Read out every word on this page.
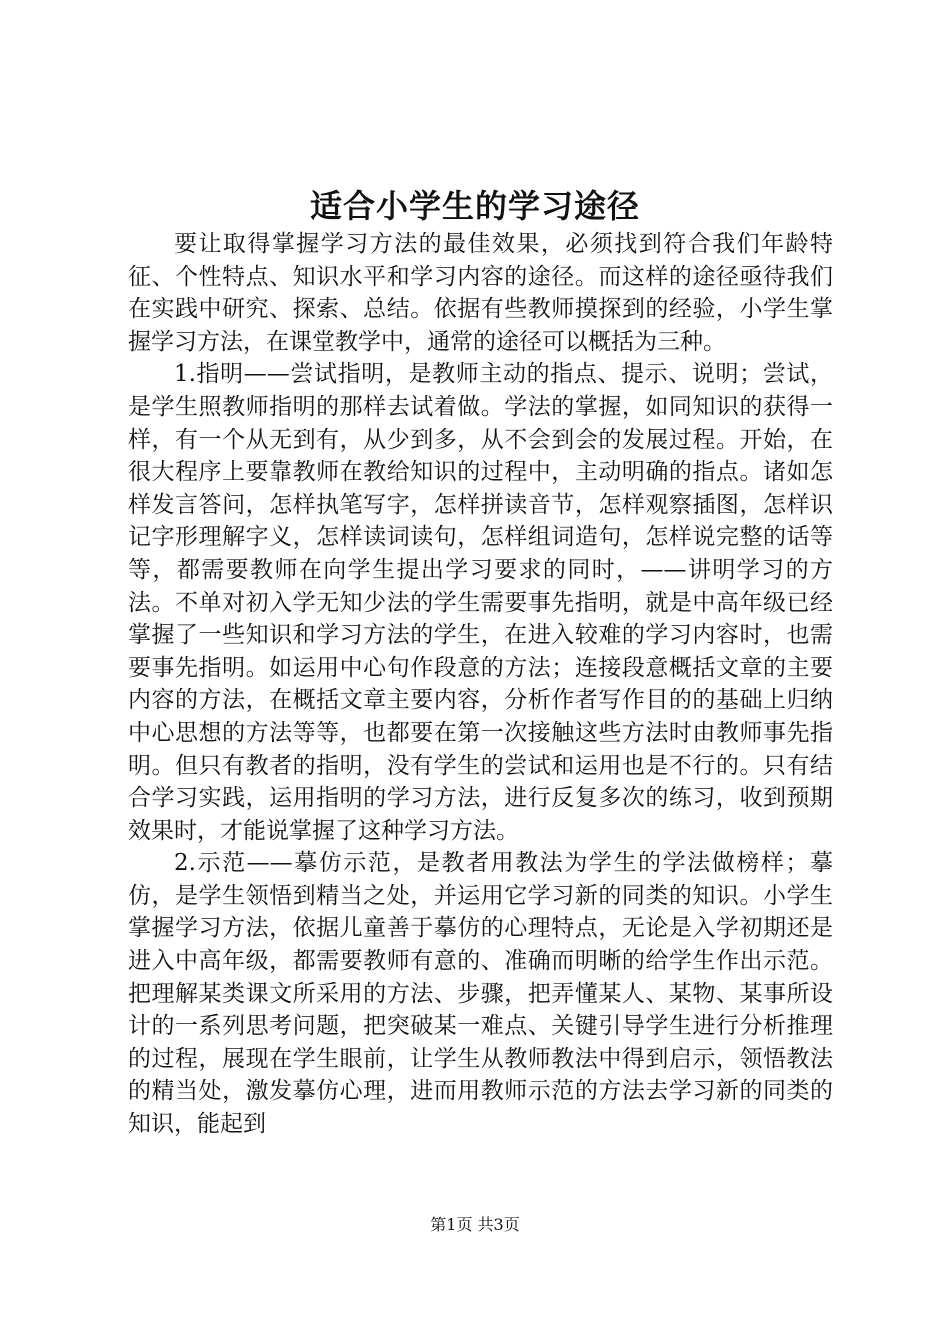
适合小学生的学习途径

要让取得掌握学习方法的最佳效果，必须找到符合我们年龄特征、个性特点、知识水平和学习内容的途径。而这样的途径亟待我们在实践中研究、探索、总结。依据有些教师摸探到的经验，小学生掌握学习方法，在课堂教学中，通常的途径可以概括为三种。

1.指明——尝试指明，是教师主动的指点、提示、说明；尝试，是学生照教师指明的那样去试着做。学法的掌握，如同知识的获得一样，有一个从无到有，从少到多，从不会到会的发展过程。开始，在很大程序上要靠教师在教给知识的过程中，主动明确的指点。诸如怎样发言答问，怎样执笔写字，怎样拼读音节，怎样观察插图，怎样识记字形理解字义，怎样读词读句，怎样组词造句，怎样说完整的话等等，都需要教师在向学生提出学习要求的同时，——讲明学习的方法。不单对初入学无知少法的学生需要事先指明，就是中高年级已经掌握了一些知识和学习方法的学生，在进入较难的学习内容时，也需要事先指明。如运用中心句作段意的方法；连接段意概括文章的主要内容的方法，在概括文章主要内容，分析作者写作目的的基础上归纳中心思想的方法等等，也都要在第一次接触这些方法时由教师事先指明。但只有教者的指明，没有学生的尝试和运用也是不行的。只有结合学习实践，运用指明的学习方法，进行反复多次的练习，收到预期效果时，才能说掌握了这种学习方法。

2.示范——摹仿示范，是教者用教法为学生的学法做榜样；摹仿，是学生领悟到精当之处，并运用它学习新的同类的知识。小学生掌握学习方法，依据儿童善于摹仿的心理特点，无论是入学初期还是进入中高年级，都需要教师有意的、准确而明晰的给学生作出示范。把理解某类课文所采用的方法、步骤，把弄懂某人、某物、某事所设计的一系列思考问题，把突破某一难点、关键引导学生进行分析推理的过程，展现在学生眼前，让学生从教师教法中得到启示，领悟教法的精当处，激发摹仿心理，进而用教师示范的方法去学习新的同类的知识，能起到

第1页 共3页
